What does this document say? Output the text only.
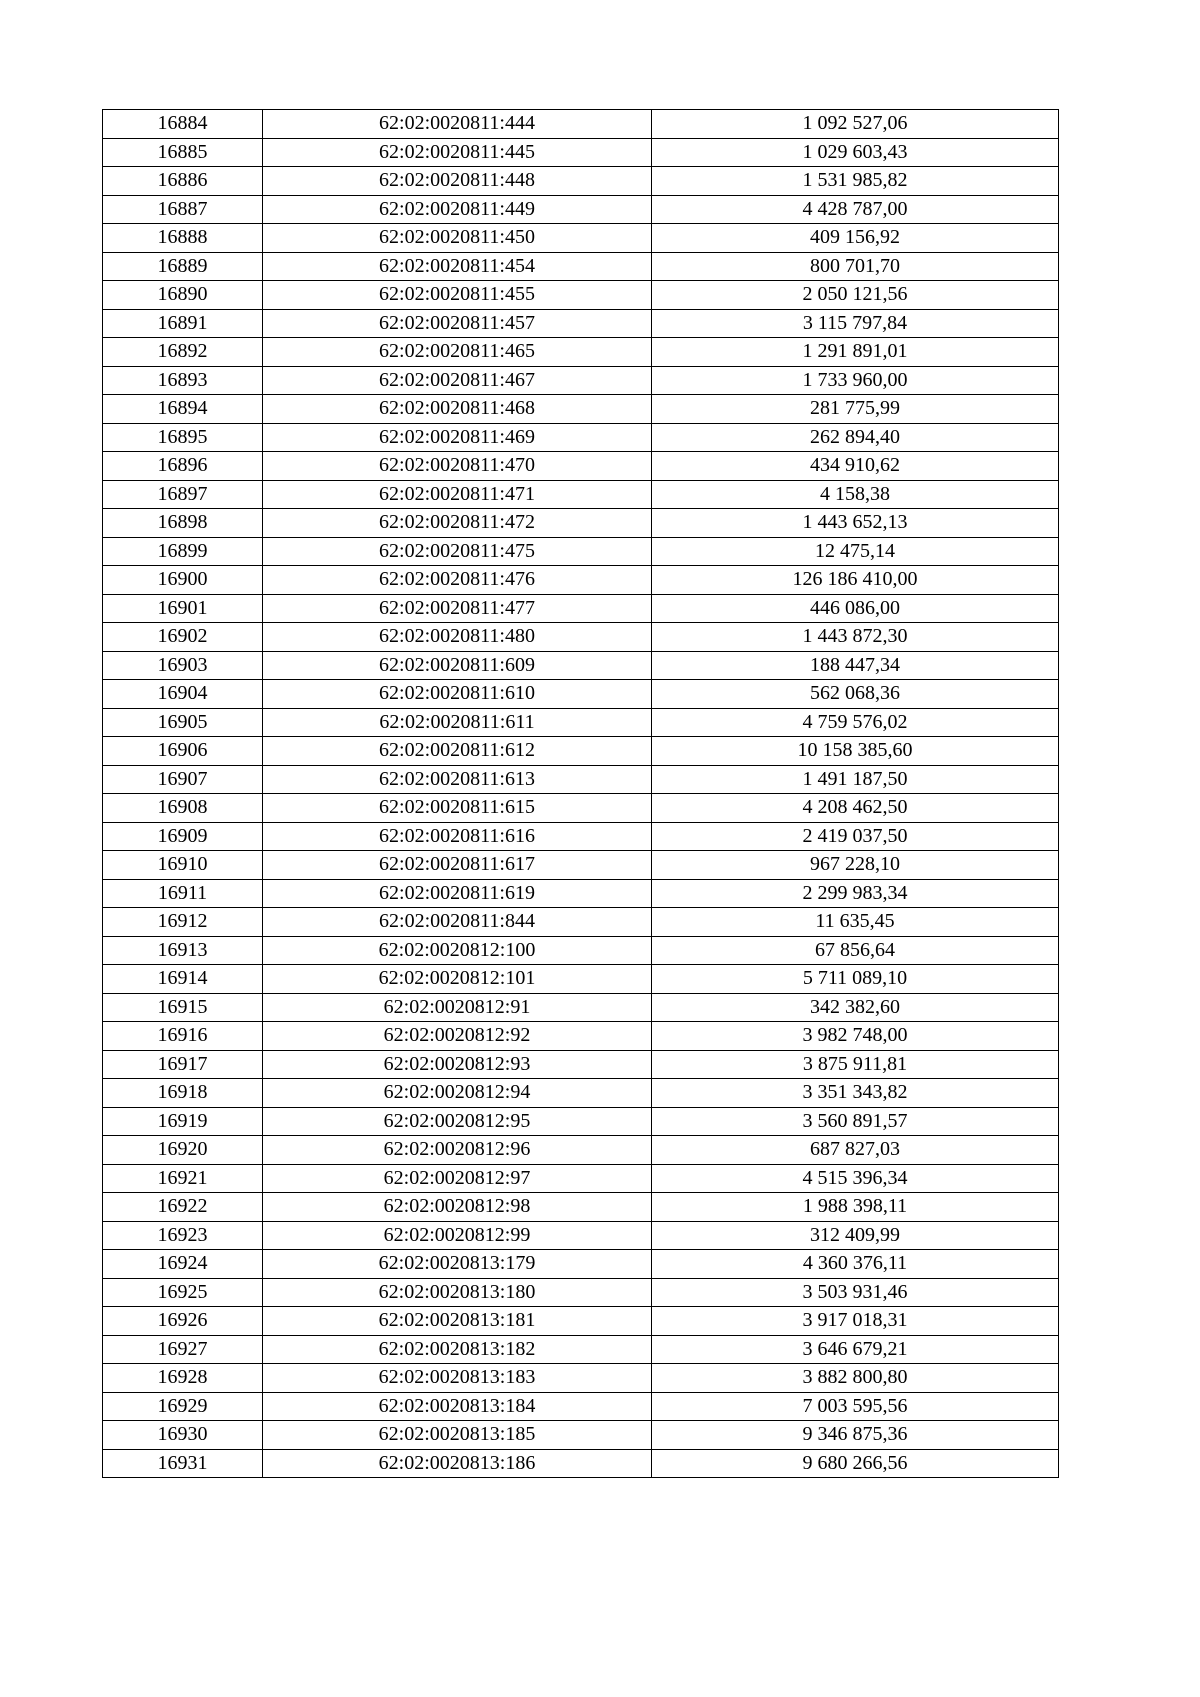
16884	62:02:0020811:444	1 092 527,06
16885	62:02:0020811:445	1 029 603,43
16886	62:02:0020811:448	1 531 985,82
16887	62:02:0020811:449	4 428 787,00
16888	62:02:0020811:450	409 156,92
16889	62:02:0020811:454	800 701,70
16890	62:02:0020811:455	2 050 121,56
16891	62:02:0020811:457	3 115 797,84
16892	62:02:0020811:465	1 291 891,01
16893	62:02:0020811:467	1 733 960,00
16894	62:02:0020811:468	281 775,99
16895	62:02:0020811:469	262 894,40
16896	62:02:0020811:470	434 910,62
16897	62:02:0020811:471	4 158,38
16898	62:02:0020811:472	1 443 652,13
16899	62:02:0020811:475	12 475,14
16900	62:02:0020811:476	126 186 410,00
16901	62:02:0020811:477	446 086,00
16902	62:02:0020811:480	1 443 872,30
16903	62:02:0020811:609	188 447,34
16904	62:02:0020811:610	562 068,36
16905	62:02:0020811:611	4 759 576,02
16906	62:02:0020811:612	10 158 385,60
16907	62:02:0020811:613	1 491 187,50
16908	62:02:0020811:615	4 208 462,50
16909	62:02:0020811:616	2 419 037,50
16910	62:02:0020811:617	967 228,10
16911	62:02:0020811:619	2 299 983,34
16912	62:02:0020811:844	11 635,45
16913	62:02:0020812:100	67 856,64
16914	62:02:0020812:101	5 711 089,10
16915	62:02:0020812:91	342 382,60
16916	62:02:0020812:92	3 982 748,00
16917	62:02:0020812:93	3 875 911,81
16918	62:02:0020812:94	3 351 343,82
16919	62:02:0020812:95	3 560 891,57
16920	62:02:0020812:96	687 827,03
16921	62:02:0020812:97	4 515 396,34
16922	62:02:0020812:98	1 988 398,11
16923	62:02:0020812:99	312 409,99
16924	62:02:0020813:179	4 360 376,11
16925	62:02:0020813:180	3 503 931,46
16926	62:02:0020813:181	3 917 018,31
16927	62:02:0020813:182	3 646 679,21
16928	62:02:0020813:183	3 882 800,80
16929	62:02:0020813:184	7 003 595,56
16930	62:02:0020813:185	9 346 875,36
16931	62:02:0020813:186	9 680 266,56
